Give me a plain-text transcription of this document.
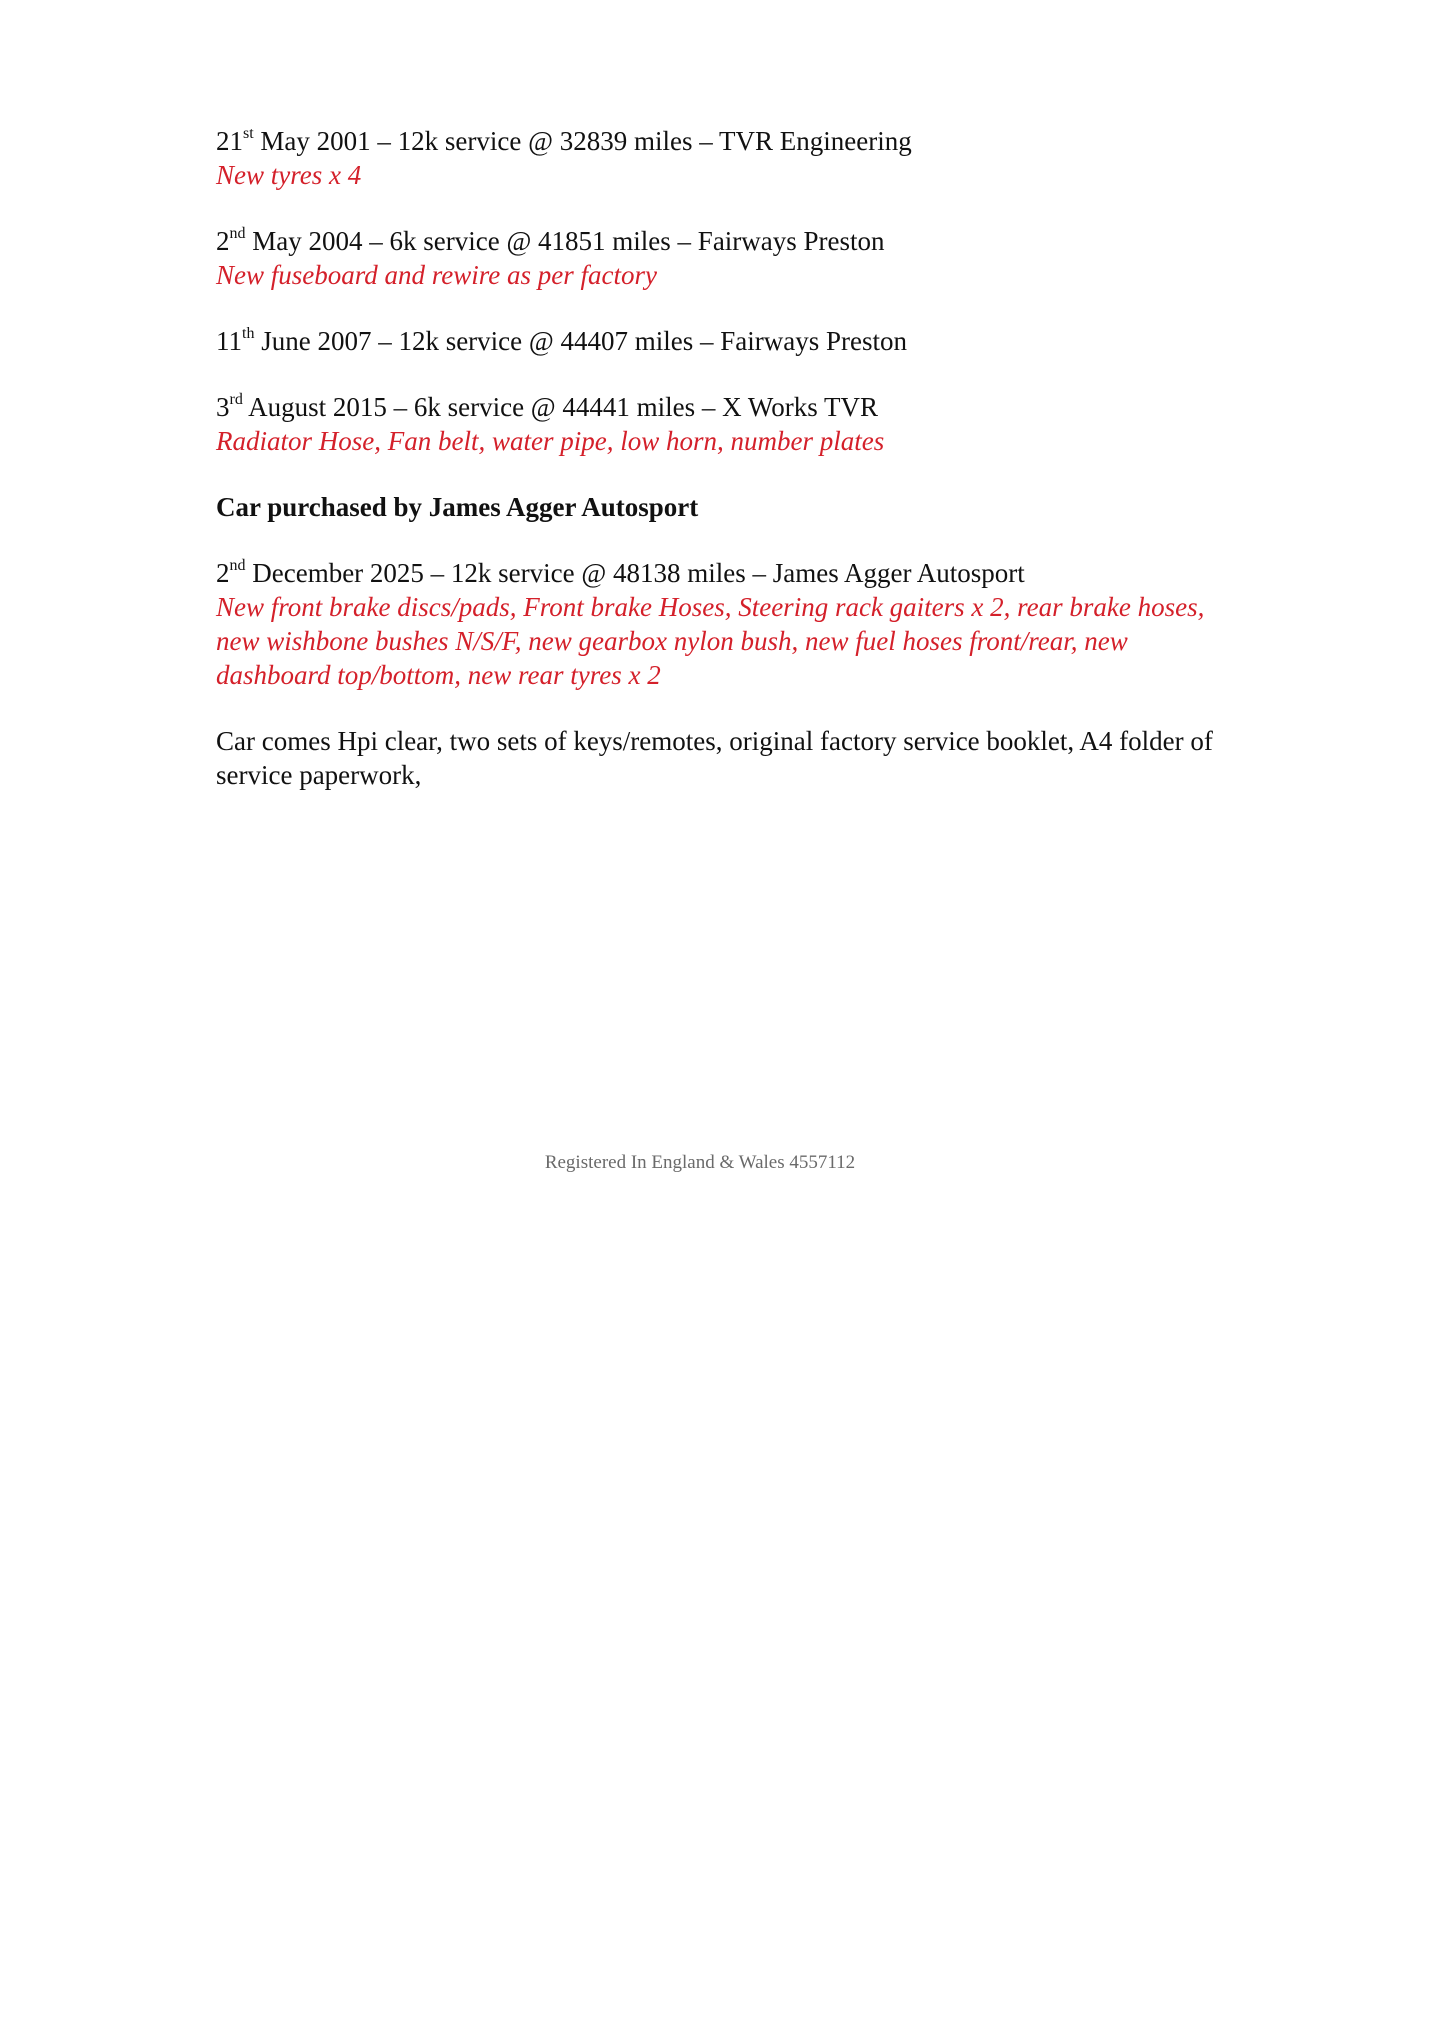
21st May 2001 – 12k service @ 32839 miles – TVR Engineering

New tyres x 4

2nd May 2004 – 6k service @ 41851 miles – Fairways Preston

New fuseboard and rewire as per factory

11th June 2007 – 12k service @ 44407 miles – Fairways Preston

3rd August 2015 – 6k service @ 44441 miles – X Works TVR

Radiator Hose, Fan belt, water pipe, low horn, number plates

Car purchased by James Agger Autosport

2nd December 2025 – 12k service @ 48138 miles – James Agger Autosport

New front brake discs/pads, Front brake Hoses, Steering rack gaiters x 2, rear brake hoses, new wishbone bushes N/S/F, new gearbox nylon bush, new fuel hoses front/rear, new dashboard top/bottom, new rear tyres x 2

Car comes Hpi clear, two sets of keys/remotes, original factory service booklet, A4 folder of service paperwork,

Registered In England & Wales 4557112
